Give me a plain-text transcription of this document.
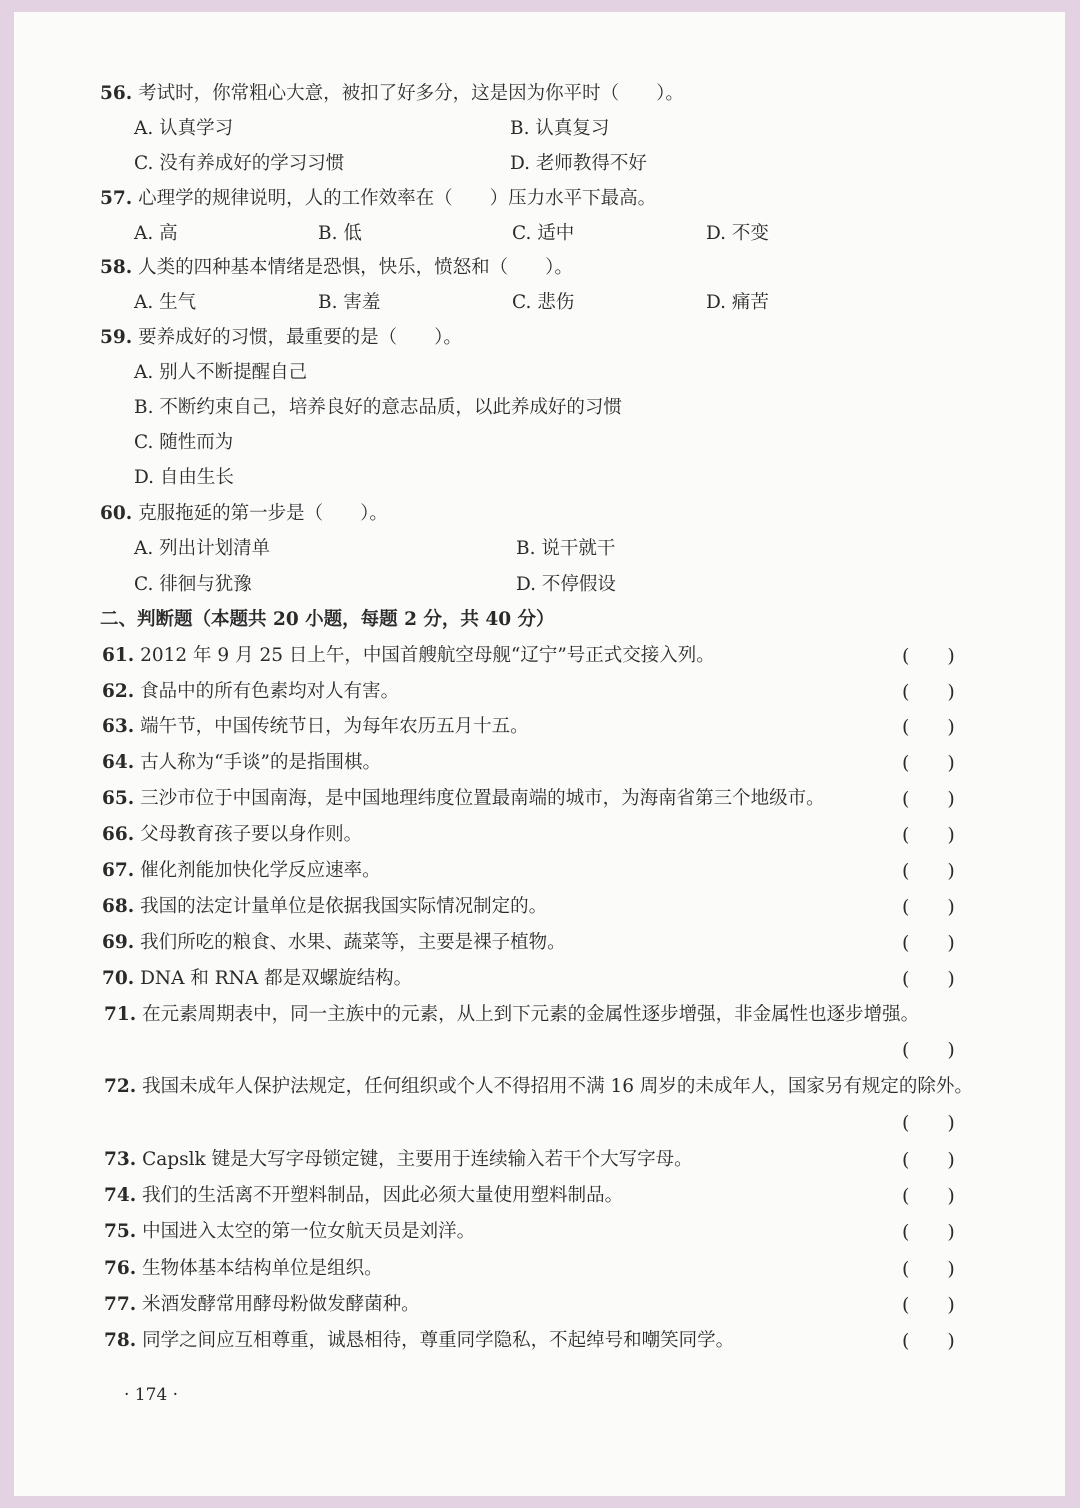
56. 考试时，你常粗心大意，被扣了好多分，这是因为你平时（　　）。
A. 认真学习	B. 认真复习
C. 没有养成好的学习习惯	D. 老师教得不好
57. 心理学的规律说明，人的工作效率在（　　）压力水平下最高。
A. 高	B. 低	C. 适中	D. 不变
58. 人类的四种基本情绪是恐惧，快乐，愤怒和（　　）。
A. 生气	B. 害羞	C. 悲伤	D. 痛苦
59. 要养成好的习惯，最重要的是（　　）。
A. 别人不断提醒自己
B. 不断约束自己，培养良好的意志品质，以此养成好的习惯
C. 随性而为
D. 自由生长
60. 克服拖延的第一步是（　　）。
A. 列出计划清单	B. 说干就干
C. 徘徊与犹豫	D. 不停假设
二、判断题（本题共 20 小题，每题 2 分，共 40 分）
61. 2012 年 9 月 25 日上午，中国首艘航空母舰“辽宁”号正式交接入列。	(　　)
62. 食品中的所有色素均对人有害。	(　　)
63. 端午节，中国传统节日，为每年农历五月十五。	(　　)
64. 古人称为“手谈”的是指围棋。	(　　)
65. 三沙市位于中国南海，是中国地理纬度位置最南端的城市，为海南省第三个地级市。	(　　)
66. 父母教育孩子要以身作则。	(　　)
67. 催化剂能加快化学反应速率。	(　　)
68. 我国的法定计量单位是依据我国实际情况制定的。	(　　)
69. 我们所吃的粮食、水果、蔬菜等，主要是裸子植物。	(　　)
70. DNA 和 RNA 都是双螺旋结构。	(　　)
71. 在元素周期表中，同一主族中的元素，从上到下元素的金属性逐步增强，非金属性也逐步增强。
(　　)
72. 我国未成年人保护法规定，任何组织或个人不得招用不满 16 周岁的未成年人，国家另有规定的除外。
(　　)
73. Capslk 键是大写字母锁定键，主要用于连续输入若干个大写字母。	(　　)
74. 我们的生活离不开塑料制品，因此必须大量使用塑料制品。	(　　)
75. 中国进入太空的第一位女航天员是刘洋。	(　　)
76. 生物体基本结构单位是组织。	(　　)
77. 米酒发酵常用酵母粉做发酵菌种。	(　　)
78. 同学之间应互相尊重，诚恳相待，尊重同学隐私，不起绰号和嘲笑同学。	(　　)
· 174 ·
